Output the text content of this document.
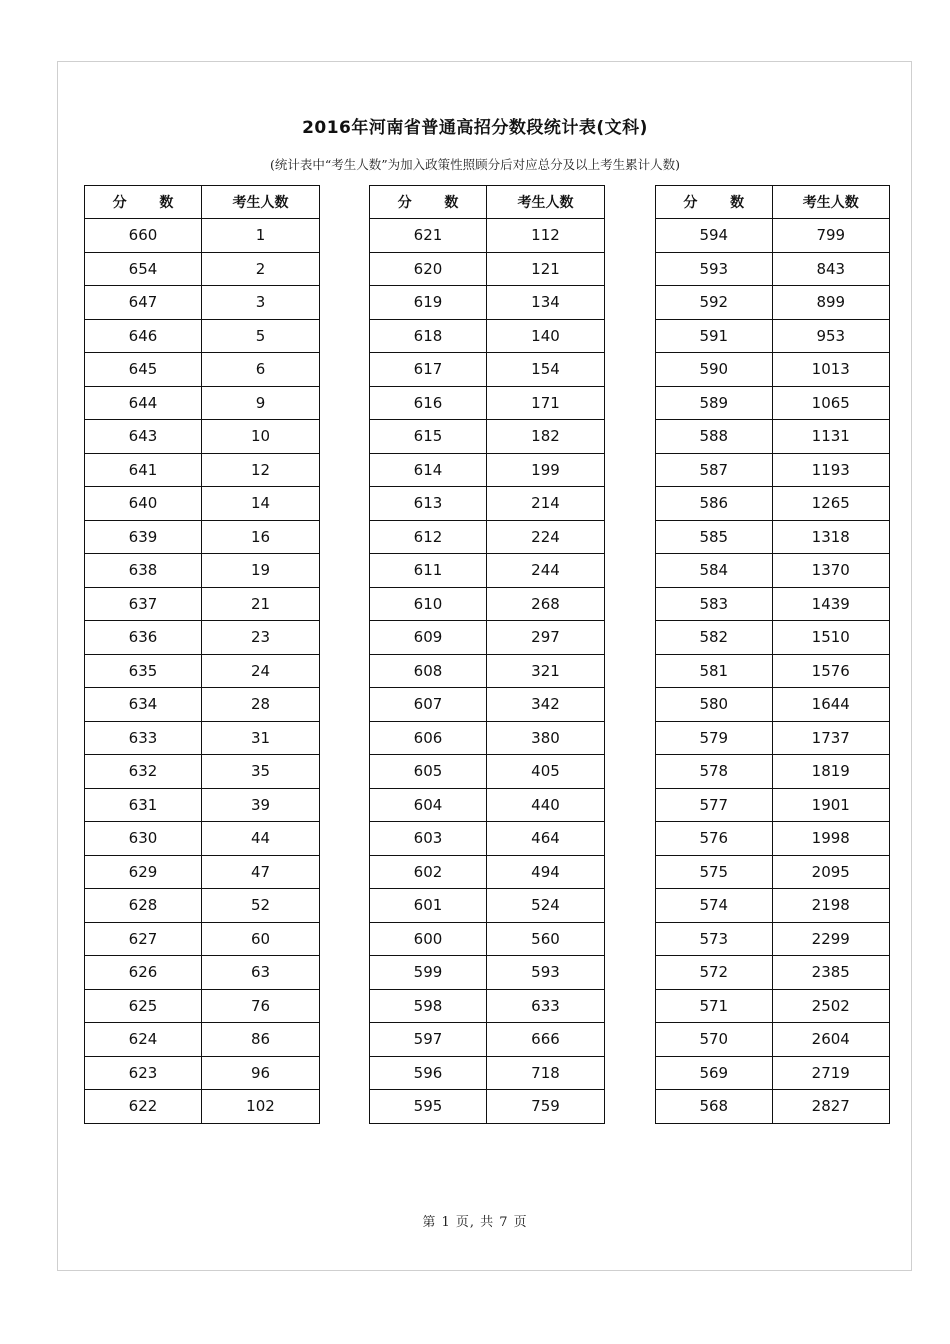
2016年河南省普通高招分数段统计表(文科)
(统计表中“考生人数”为加入政策性照顾分后对应总分及以上考生累计人数)
分 数	考生人数
660	1
654	2
647	3
646	5
645	6
644	9
643	10
641	12
640	14
639	16
638	19
637	21
636	23
635	24
634	28
633	31
632	35
631	39
630	44
629	47
628	52
627	60
626	63
625	76
624	86
623	96
622	102
分 数	考生人数
621	112
620	121
619	134
618	140
617	154
616	171
615	182
614	199
613	214
612	224
611	244
610	268
609	297
608	321
607	342
606	380
605	405
604	440
603	464
602	494
601	524
600	560
599	593
598	633
597	666
596	718
595	759
分 数	考生人数
594	799
593	843
592	899
591	953
590	1013
589	1065
588	1131
587	1193
586	1265
585	1318
584	1370
583	1439
582	1510
581	1576
580	1644
579	1737
578	1819
577	1901
576	1998
575	2095
574	2198
573	2299
572	2385
571	2502
570	2604
569	2719
568	2827
第 1 页, 共 7 页
